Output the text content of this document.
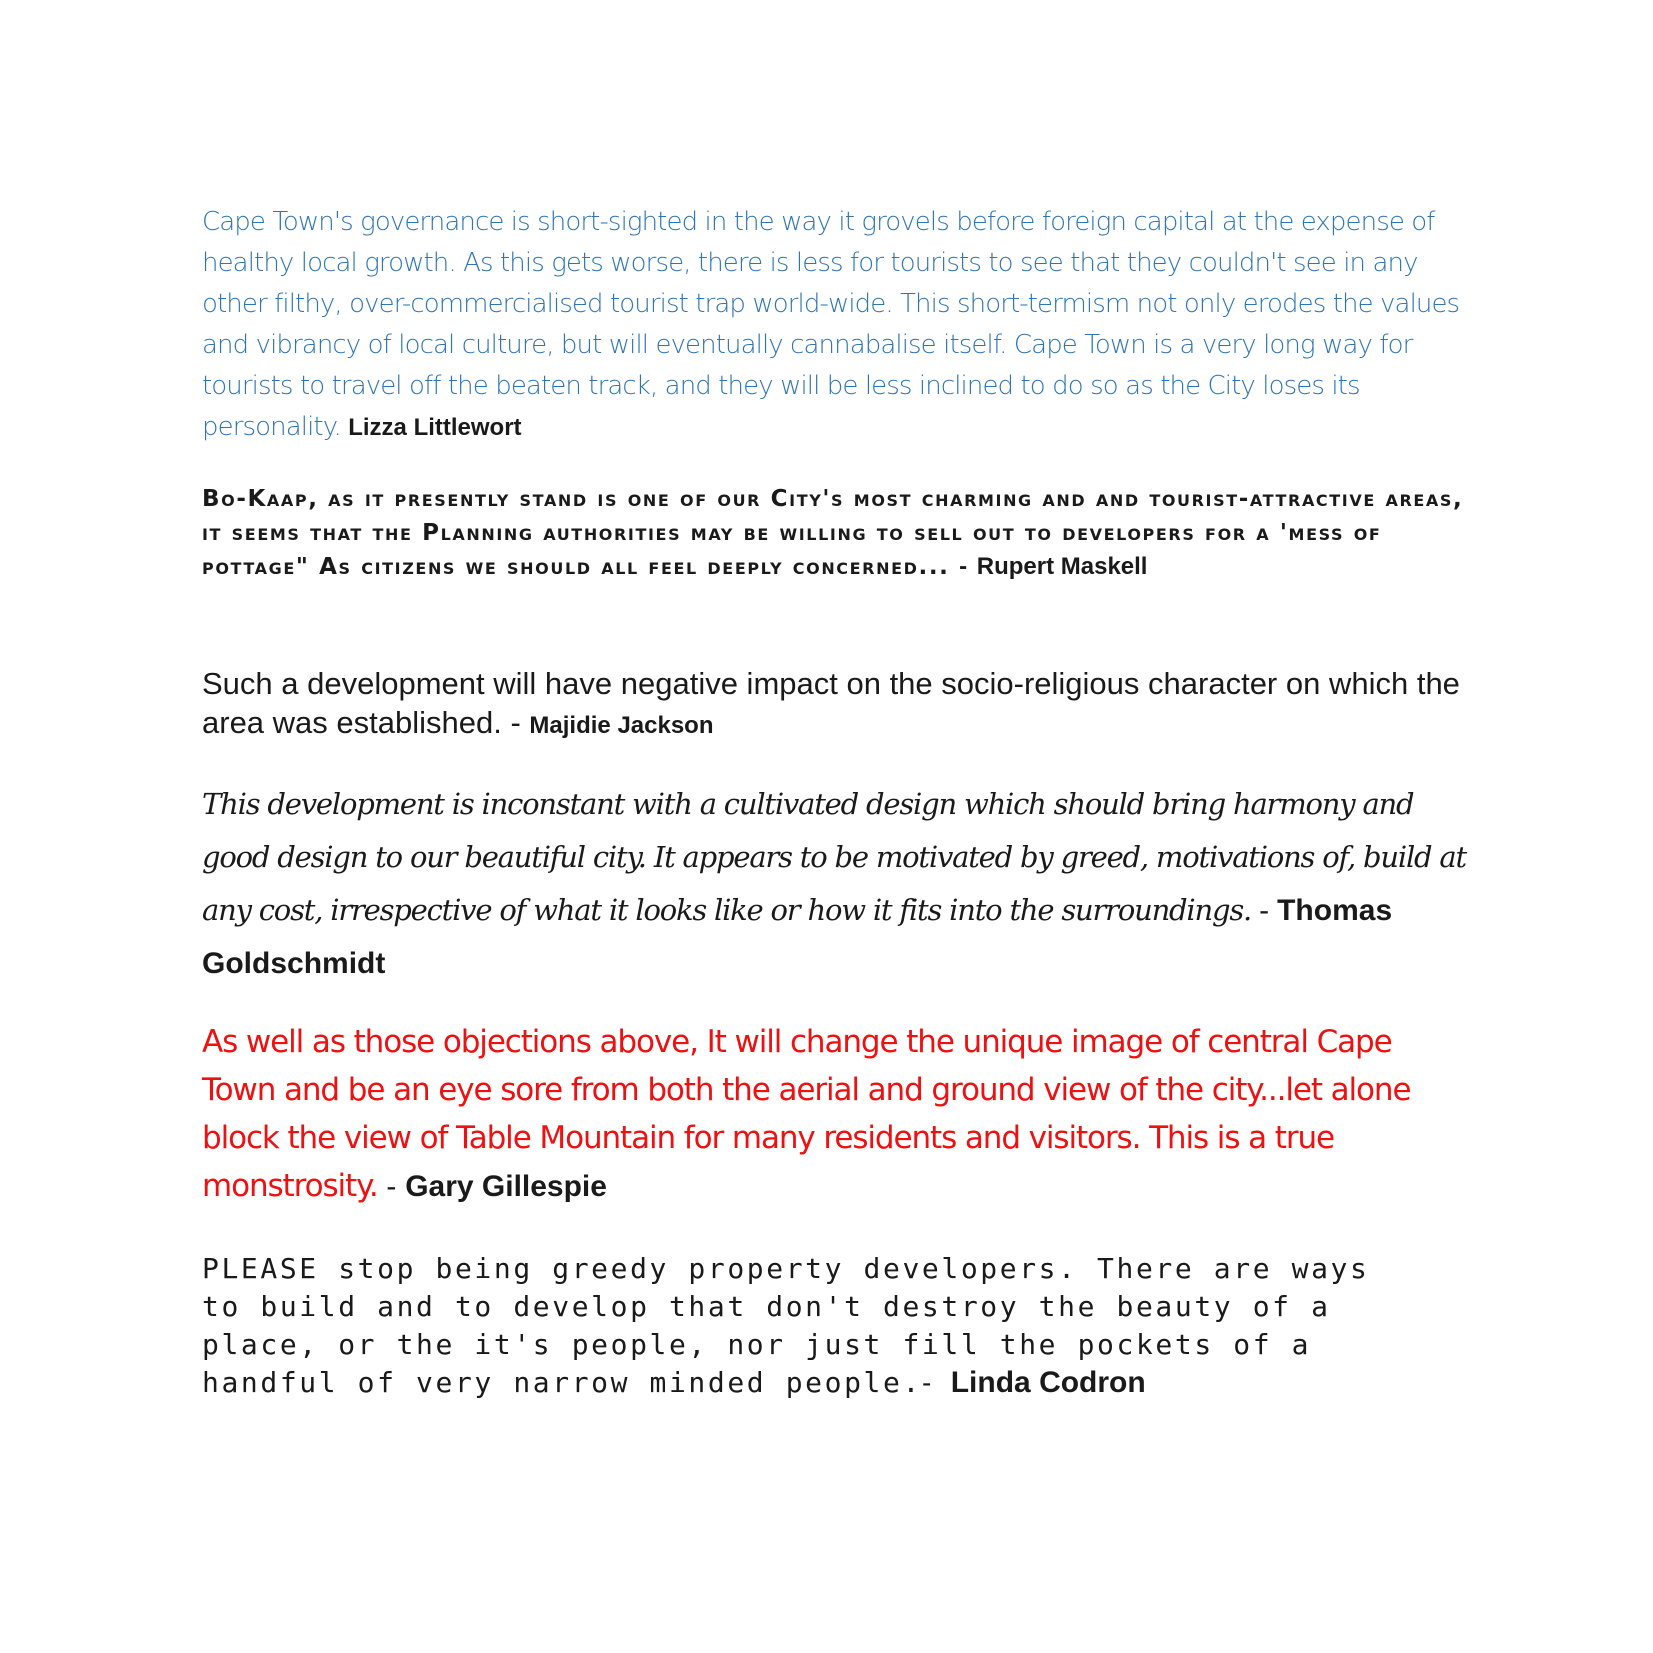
Cape Town's governance is short-sighted in the way it grovels before foreign capital at the expense of healthy local growth. As this gets worse, there is less for tourists to see that they couldn't see in any other filthy, over-commercialised tourist trap world-wide. This short-termism not only erodes the values and vibrancy of local culture, but will eventually cannabalise itself. Cape Town is a very long way for tourists to travel off the beaten track, and they will be less inclined to do so as the City loses its personality. Lizza Littlewort

Bo-Kaap, as it presently stand is one of our City's most charming and and tourist-attractive areas, it seems that the Planning authorities may be willing to sell out to developers for a 'mess of pottage" As citizens we should all feel deeply concerned... - Rupert Maskell

Such a development will have negative impact on the socio-religious character on which the area was established. - Majidie Jackson

This development is inconstant with a cultivated design which should bring harmony and good design to our beautiful city. It appears to be motivated by greed, motivations of, build at any cost, irrespective of what it looks like or how it fits into the surroundings. - Thomas Goldschmidt

As well as those objections above, It will change the unique image of central Cape Town and be an eye sore from both the aerial and ground view of the city...let alone block the view of Table Mountain for many residents and visitors. This is a true monstrosity. - Gary Gillespie

PLEASE stop being greedy property developers. There are ways
to build and to develop that don't destroy the beauty of a
place, or the it's people, nor just fill the pockets of a
handful of very narrow minded people.- Linda Codron
